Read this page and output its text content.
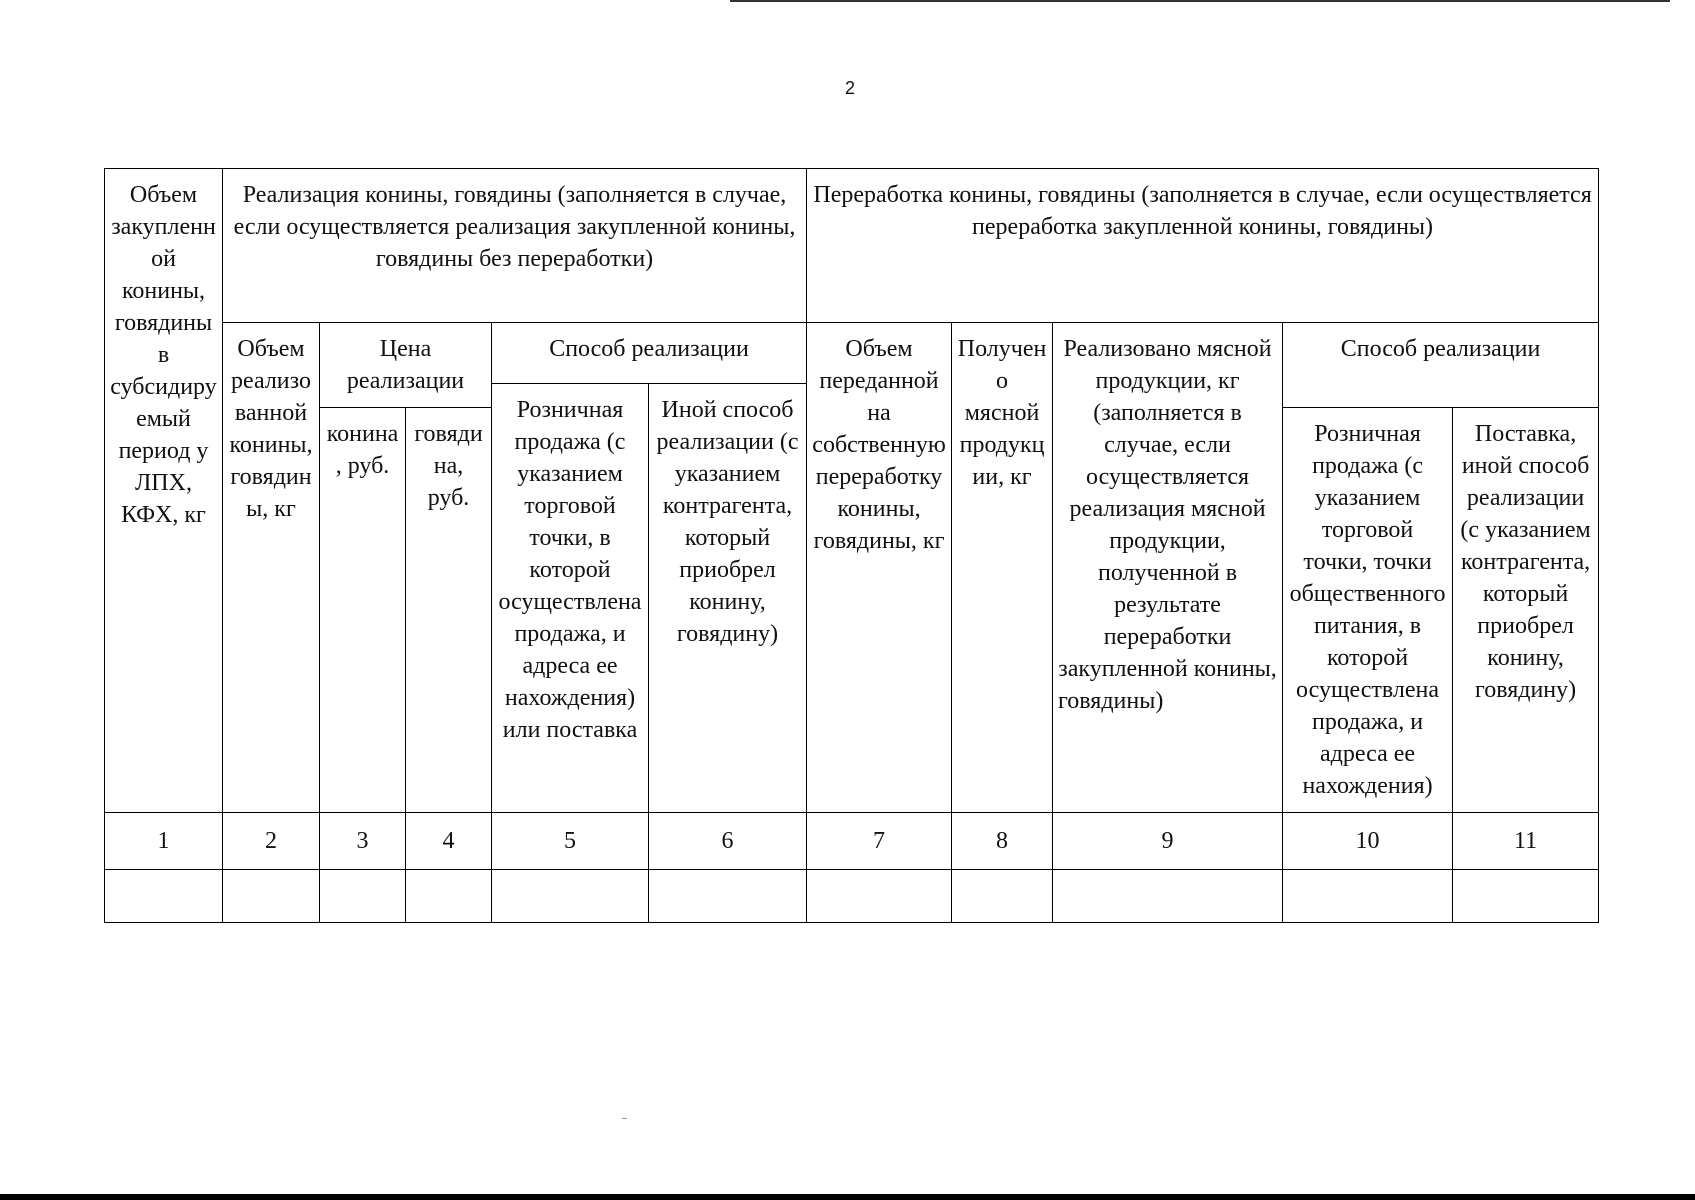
2
Объем закупленной конины, говядины в субсидируемый период у ЛПХ, КФХ, кг	Реализация конины, говядины (заполняется в случае, если осуществляется реализация закупленной конины, говядины без переработки)					Переработка конины, говядины (заполняется в случае, если осуществляется переработка закупленной конины, говядины)				
	Объем реализованной конины, говядины, кг	Цена реализации		Способ реализации		Объем переданной на собственную переработку конины, говядины, кг	Получено мясной продукции, кг	Реализовано мясной продукции, кг (заполняется в случае, если осуществляется реализация мясной продукции, полученной в результате переработки закупленной конины, говядины)	Способ реализации	
				Розничная продажа (с указанием торговой точки, в которой осуществлена продажа, и адреса ее нахождения) или поставка	Иной способ реализации (с указанием контрагента, который приобрел конину, говядину)					
		конина, руб.	говядина, руб.						Розничная продажа (с указанием торговой точки, точки общественного питания, в которой осуществлена продажа, и адреса ее нахождения)	Поставка, иной способ реализации (с указанием контрагента, который приобрел конину, говядину)
1	2	3	4	5	6	7	8	9	10	11
